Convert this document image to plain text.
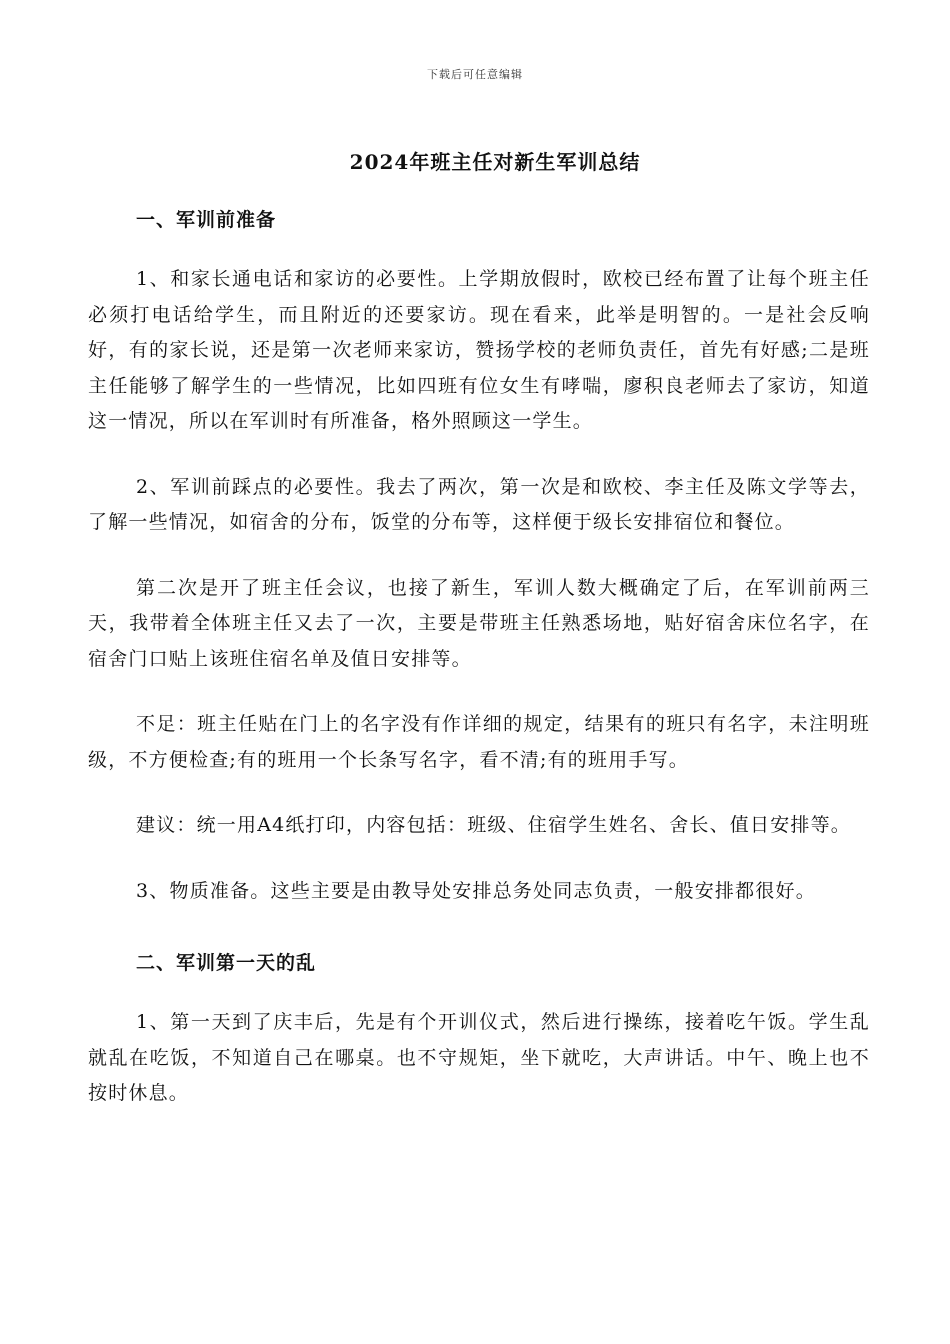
下载后可任意编辑
2024年班主任对新生军训总结
一、军训前准备

1、和家长通电话和家访的必要性。上学期放假时，欧校已经布置了让每个班主任必须打电话给学生，而且附近的还要家访。现在看来，此举是明智的。一是社会反响好，有的家长说，还是第一次老师来家访，赞扬学校的老师负责任，首先有好感;二是班主任能够了解学生的一些情况，比如四班有位女生有哮喘，廖积良老师去了家访，知道这一情况，所以在军训时有所准备，格外照顾这一学生。

2、军训前踩点的必要性。我去了两次，第一次是和欧校、李主任及陈文学等去，了解一些情况，如宿舍的分布，饭堂的分布等，这样便于级长安排宿位和餐位。

第二次是开了班主任会议，也接了新生，军训人数大概确定了后，在军训前两三天，我带着全体班主任又去了一次，主要是带班主任熟悉场地，贴好宿舍床位名字，在宿舍门口贴上该班住宿名单及值日安排等。

不足：班主任贴在门上的名字没有作详细的规定，结果有的班只有名字，未注明班级，不方便检查;有的班用一个长条写名字，看不清;有的班用手写。

建议：统一用A4纸打印，内容包括：班级、住宿学生姓名、舍长、值日安排等。

3、物质准备。这些主要是由教导处安排总务处同志负责，一般安排都很好。

二、军训第一天的乱

1、第一天到了庆丰后，先是有个开训仪式，然后进行操练，接着吃午饭。学生乱就乱在吃饭，不知道自己在哪桌。也不守规矩，坐下就吃，大声讲话。中午、晚上也不按时休息。
